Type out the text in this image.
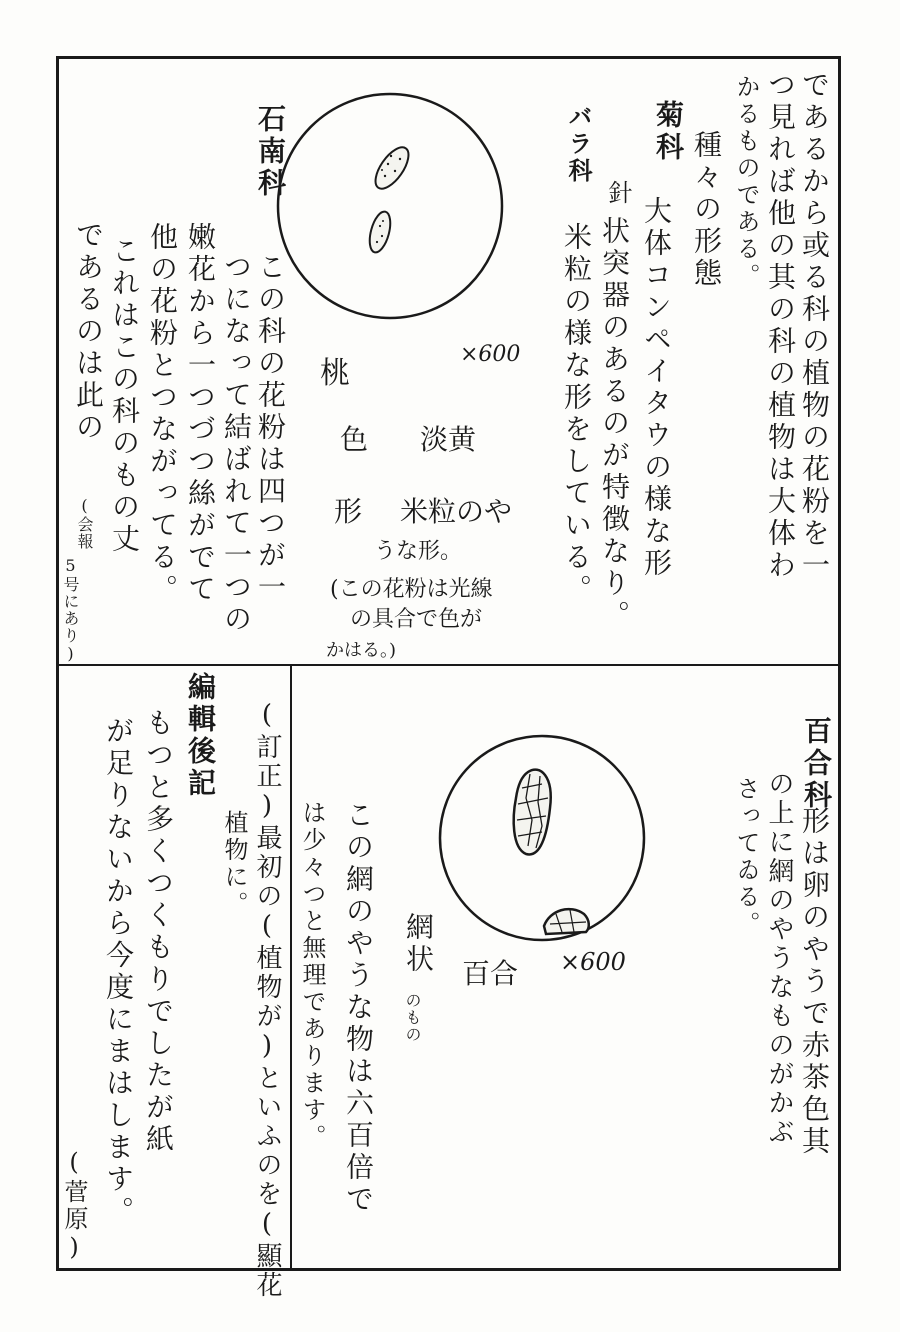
であるから或る科の植物の花粉を一
つ見れば他の其の科の植物は大体わ
かるものである。
菊科 種々の形態
大体コンペイタウの様な形
針
状突器のあるのが特徴なり。
バラ科
米粒の様な形をしている。
石南科
この科の花粉は四つが一
つになって結ばれて一つの
嫩花から一つづつ絲がでて
他の花粉とつながってる。
これはこの科のもの丈
であるのは此の
(会報
5号にあり)
桃
×600
色 淡黄
形 米粒のや
うな形。
(この花粉は光線
の具合で色が
かはる。)
百合科
形は卵のやうで赤茶色其
の上に網のやうなものがかぶ
さってゐる。
百合 ×600
網状
のもの
この網のやうな物は六百倍で
は少々つと無理であります。
(訂正)最初の(植物が)といふのを(顯花
植物に。
編輯後記
もつと多くつくもりでしたが紙
が足りないから今度にまはします。
(菅原)
